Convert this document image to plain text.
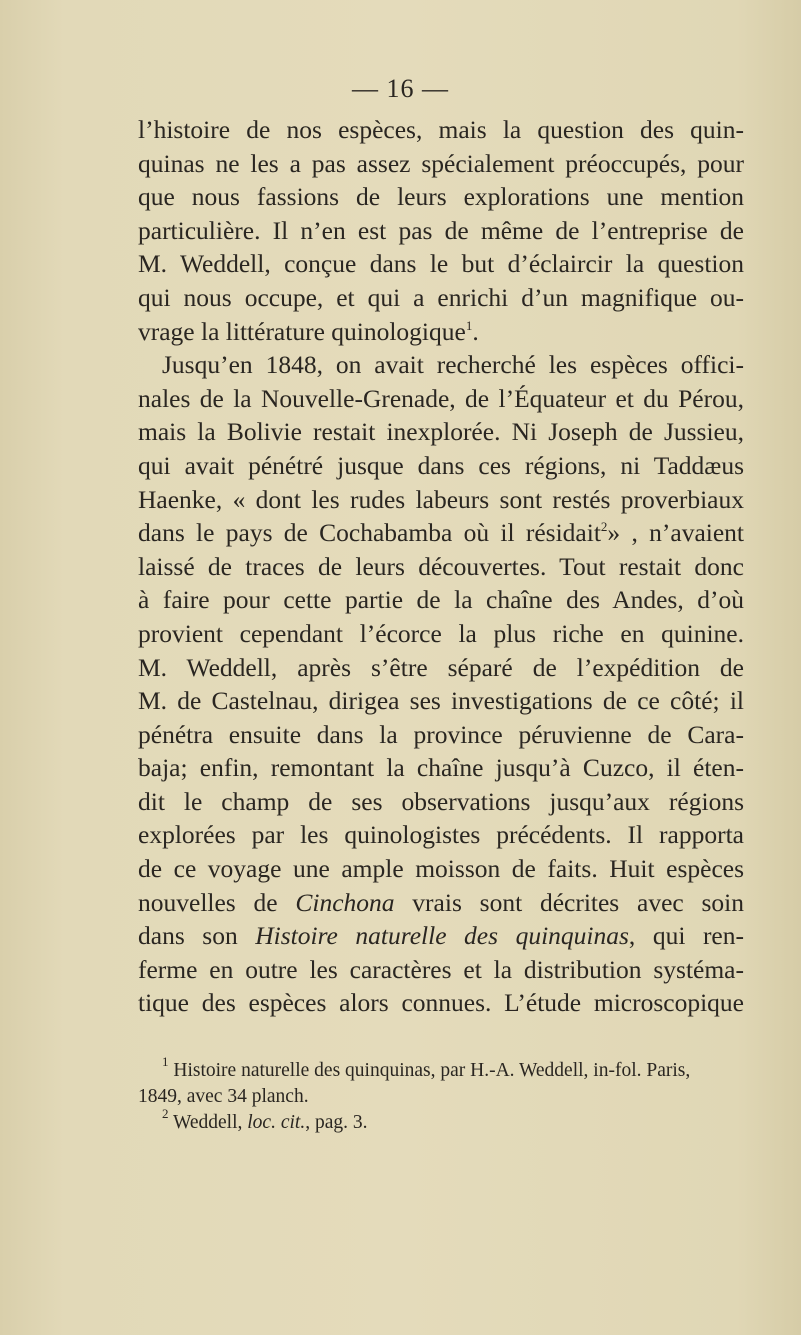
— 16 —
l’histoire de nos espèces, mais la question des quin-
quinas ne les a pas assez spécialement préoccupés, pour
que nous fassions de leurs explorations une mention
particulière. Il n’en est pas de même de l’entreprise de
M. Weddell, conçue dans le but d’éclaircir la question
qui nous occupe, et qui a enrichi d’un magnifique ou-
vrage la littérature quinologique$^1$.
Jusqu’en 1848, on avait recherché les espèces offici-
nales de la Nouvelle-Grenade, de l’Équateur et du Pérou,
mais la Bolivie restait inexplorée. Ni Joseph de Jussieu,
qui avait pénétré jusque dans ces régions, ni Taddæus
Haenke, « dont les rudes labeurs sont restés proverbiaux
dans le pays de Cochabamba où il résidait$^2$» , n’avaient
laissé de traces de leurs découvertes. Tout restait donc
à faire pour cette partie de la chaîne des Andes, d’où
provient cependant l’écorce la plus riche en quinine.
M. Weddell, après s’être séparé de l’expédition de
M. de Castelnau, dirigea ses investigations de ce côté; il
pénétra ensuite dans la province péruvienne de Cara-
baja; enfin, remontant la chaîne jusqu’à Cuzco, il éten-
dit le champ de ses observations jusqu’aux régions
explorées par les quinologistes précédents. Il rapporta
de ce voyage une ample moisson de faits. Huit espèces
nouvelles de Cinchona vrais sont décrites avec soin
dans son Histoire naturelle des quinquinas, qui ren-
ferme en outre les caractères et la distribution systéma-
tique des espèces alors connues. L’étude microscopique
$^1$ Histoire naturelle des quinquinas, par H.-A. Weddell, in-fol. Paris,
1849, avec 34 planch.
$^2$ Weddell, loc. cit., pag. 3.
